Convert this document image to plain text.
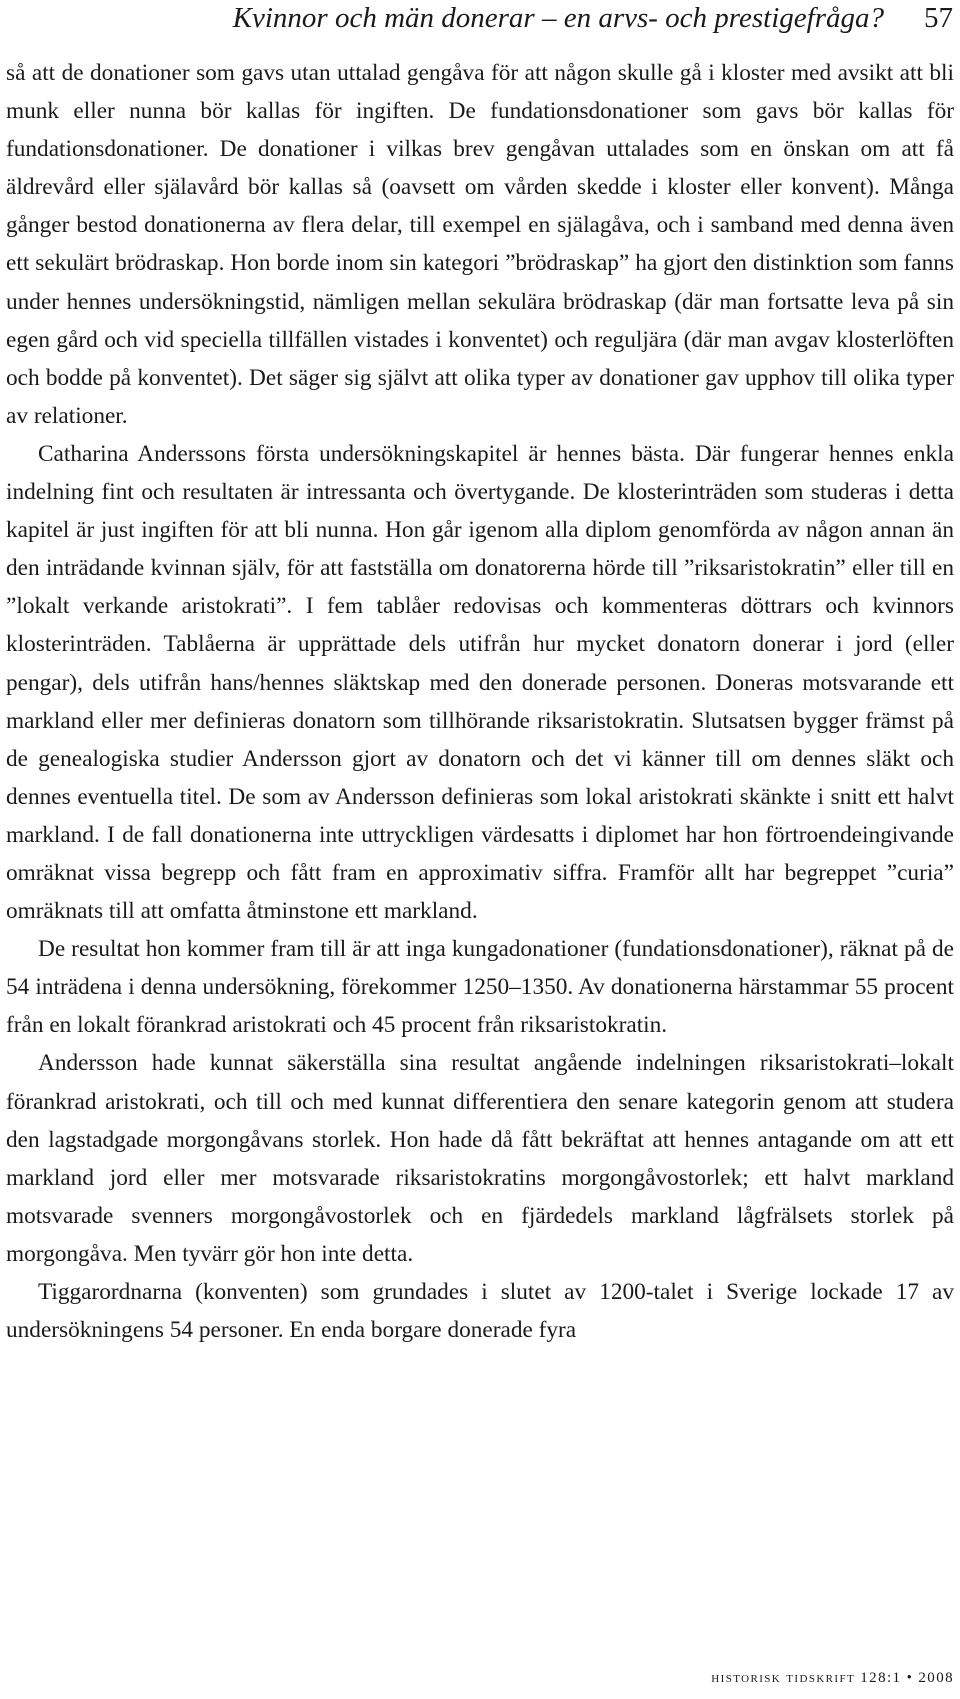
Kvinnor och män donerar – en arvs- och prestigefråga? 57

så att de donationer som gavs utan uttalad gengåva för att någon skulle gå i kloster med avsikt att bli munk eller nunna bör kallas för ingiften. De fundationsdonationer som gavs bör kallas för fundationsdonationer. De donationer i vilkas brev gengåvan uttalades som en önskan om att få äldrevård eller själavård bör kallas så (oavsett om vården skedde i kloster eller konvent). Många gånger bestod donationerna av flera delar, till exempel en själagåva, och i samband med denna även ett sekulärt brödraskap. Hon borde inom sin kategori ”brödraskap” ha gjort den distinktion som fanns under hennes undersökningstid, nämligen mellan sekulära brödraskap (där man fortsatte leva på sin egen gård och vid speciella tillfällen vistades i konventet) och reguljära (där man avgav klosterlöften och bodde på konventet). Det säger sig självt att olika typer av donationer gav upphov till olika typer av relationer.

Catharina Anderssons första undersökningskapitel är hennes bästa. Där fungerar hennes enkla indelning fint och resultaten är intressanta och övertygande. De klosterinträden som studeras i detta kapitel är just ingiften för att bli nunna. Hon går igenom alla diplom genomförda av någon annan än den inträdande kvinnan själv, för att fastställa om donatorerna hörde till ”riksaristokratin” eller till en ”lokalt verkande aristokrati”. I fem tablåer redovisas och kommenteras döttrars och kvinnors klosterinträden. Tablåerna är upprättade dels utifrån hur mycket donatorn donerar i jord (eller pengar), dels utifrån hans/hennes släktskap med den donerade personen. Doneras motsvarande ett markland eller mer definieras donatorn som tillhörande riksaristokratin. Slutsatsen bygger främst på de genealogiska studier Andersson gjort av donatorn och det vi känner till om dennes släkt och dennes eventuella titel. De som av Andersson definieras som lokal aristokrati skänkte i snitt ett halvt markland. I de fall donationerna inte uttryckligen värdesatts i diplomet har hon förtroendeingivande omräknat vissa begrepp och fått fram en approximativ siffra. Framför allt har begreppet ”curia” omräknats till att omfatta åtminstone ett markland.

De resultat hon kommer fram till är att inga kungadonationer (fundationsdonationer), räknat på de 54 inträdena i denna undersökning, förekommer 1250–1350. Av donationerna härstammar 55 procent från en lokalt förankrad aristokrati och 45 procent från riksaristokratin.

Andersson hade kunnat säkerställa sina resultat angående indelningen riksaristokrati–lokalt förankrad aristokrati, och till och med kunnat differentiera den senare kategorin genom att studera den lagstadgade morgongåvans storlek. Hon hade då fått bekräftat att hennes antagande om att ett markland jord eller mer motsvarade riksaristokratins morgongåvostorlek; ett halvt markland motsvarade svenners morgongåvostorlek och en fjärdedels markland lågfrälsets storlek på morgongåva. Men tyvärr gör hon inte detta.

Tiggarordnarna (konventen) som grundades i slutet av 1200-talet i Sverige lockade 17 av undersökningens 54 personer. En enda borgare donerade fyra

historisk tidskrift 128:1 • 2008
